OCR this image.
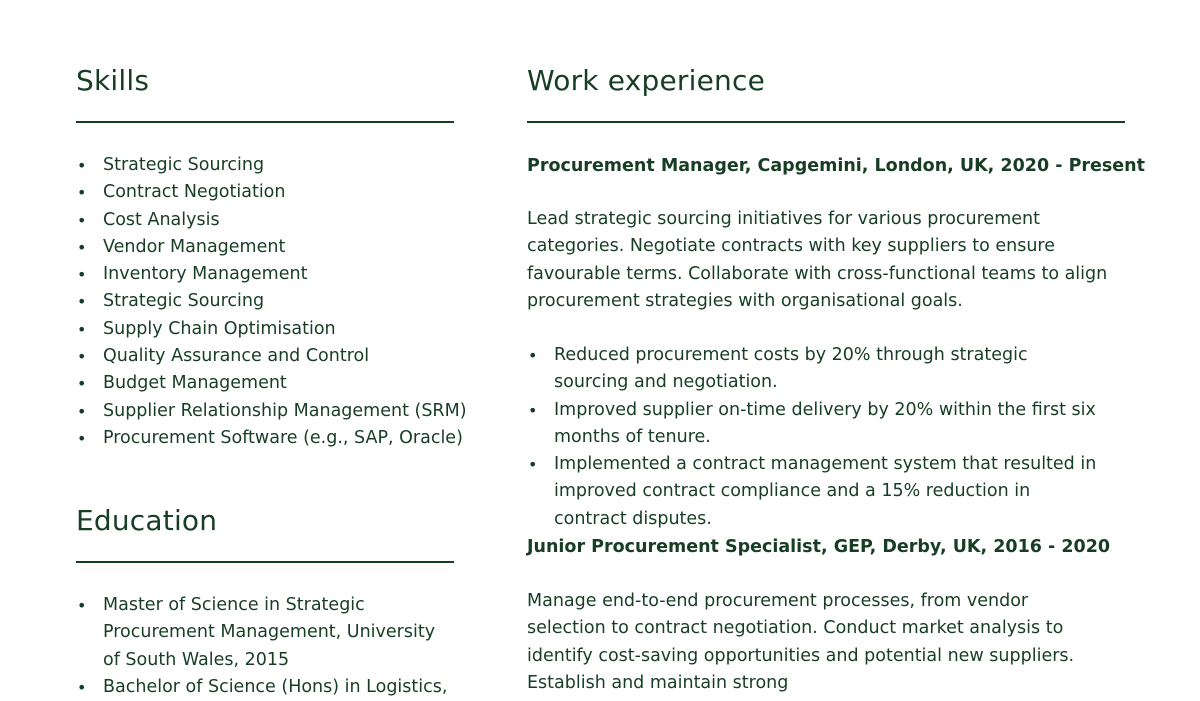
Skills
• Strategic Sourcing
• Contract Negotiation
• Cost Analysis
• Vendor Management
• Inventory Management
• Strategic Sourcing
• Supply Chain Optimisation
• Quality Assurance and Control
• Budget Management
• Supplier Relationship Management (SRM)
• Procurement Software (e.g., SAP, Oracle)
Education
• Master of Science in Strategic Procurement Management, University of South Wales, 2015
• Bachelor of Science (Hons) in Logistics,
Work experience
Procurement Manager, Capgemini, London, UK, 2020 - Present

Lead strategic sourcing initiatives for various procurement categories. Negotiate contracts with key suppliers to ensure favourable terms. Collaborate with cross-functional teams to align procurement strategies with organisational goals.

• Reduced procurement costs by 20% through strategic sourcing and negotiation.
• Improved supplier on-time delivery by 20% within the first six months of tenure.
• Implemented a contract management system that resulted in improved contract compliance and a 15% reduction in contract disputes.
Junior Procurement Specialist, GEP, Derby, UK, 2016 - 2020

Manage end-to-end procurement processes, from vendor selection to contract negotiation. Conduct market analysis to identify cost-saving opportunities and potential new suppliers. Establish and maintain strong
